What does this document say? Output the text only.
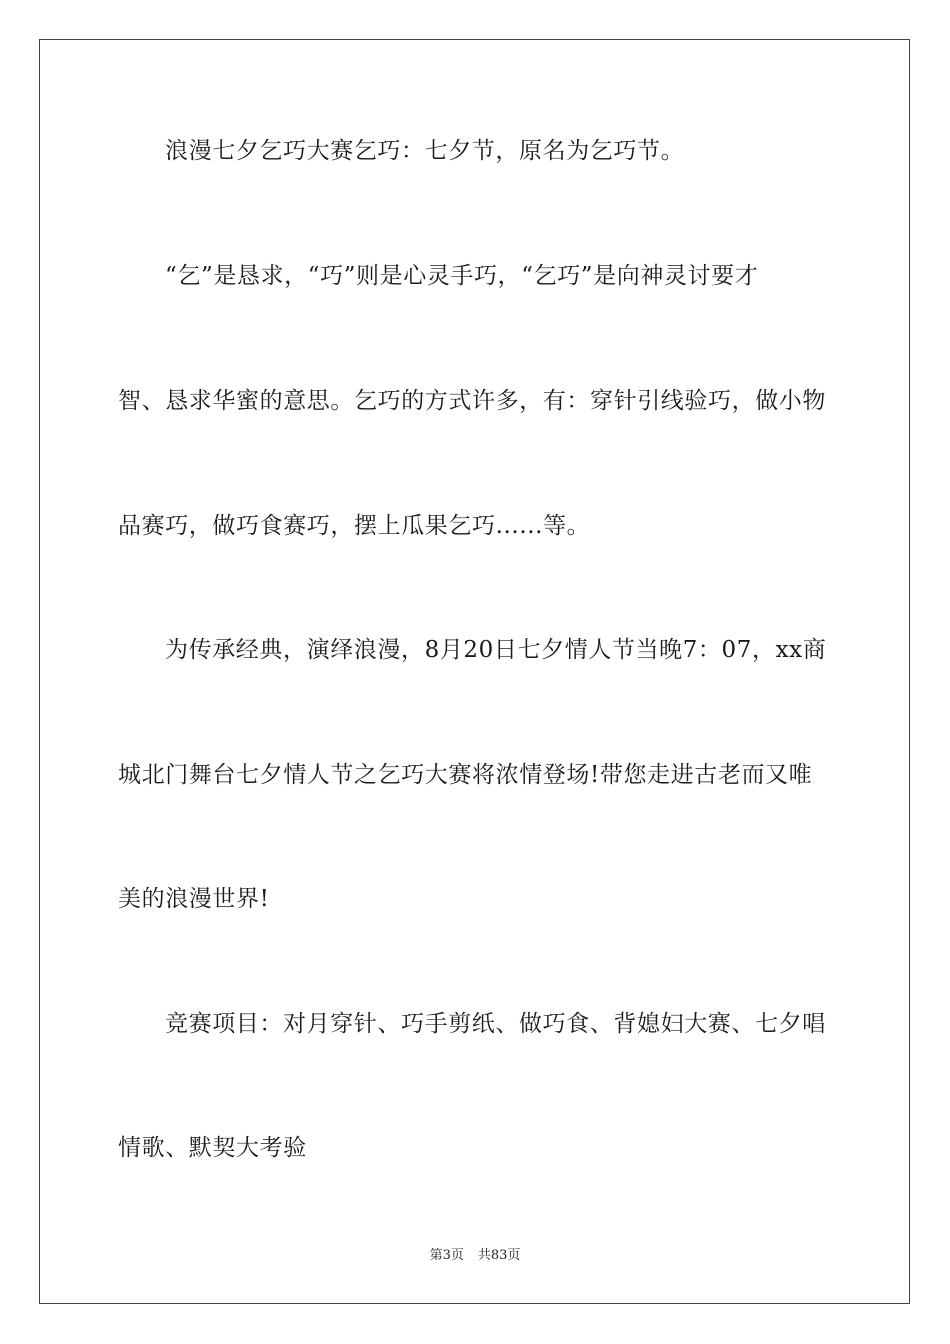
浪漫七夕乞巧大赛乞巧：七夕节，原名为乞巧节。
“乞”是恳求，“巧”则是心灵手巧，“乞巧”是向神灵讨要才
智、恳求华蜜的意思。乞巧的方式许多，有：穿针引线验巧，做小物
品赛巧，做巧食赛巧，摆上瓜果乞巧......等。
为传承经典，演绎浪漫，8月20日七夕情人节当晚7：07，xx商
城北门舞台七夕情人节之乞巧大赛将浓情登场!带您走进古老而又唯
美的浪漫世界!
竞赛项目：对月穿针、巧手剪纸、做巧食、背媳妇大赛、七夕唱
情歌、默契大考验
第3页 共83页
